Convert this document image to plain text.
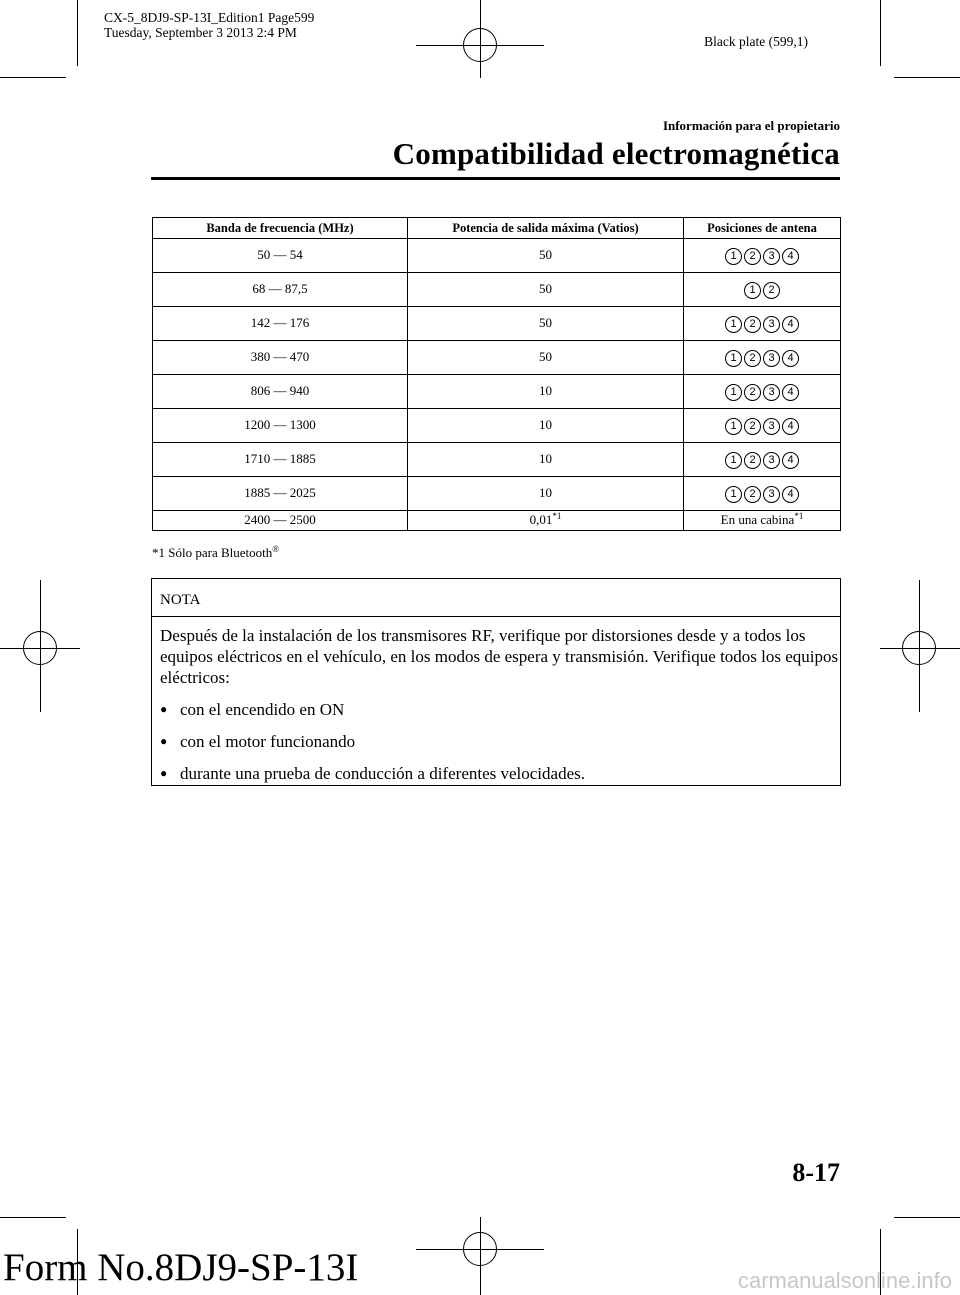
CX-5_8DJ9-SP-13I_Edition1 Page599
Tuesday, September 3 2013 2:4 PM
Black plate (599,1)
Información para el propietario
Compatibilidad electromagnética
Banda de frecuencia (MHz)	Potencia de salida máxima (Vatios)	Posiciones de antena
50 ― 54	50	1 2 3 4

68 ― 87,5	50	1 2

142 ― 176	50	1 2 3 4

380 ― 470	50	1 2 3 4

806 ― 940	10	1 2 3 4

1200 ― 1300	10	1 2 3 4

1710 ― 1885	10	1 2 3 4

1885 ― 2025	10	1 2 3 4

2400 ― 2500	0,01$^{*1}$	En una cabina$^{*1}$
*1 Sólo para Bluetooth®
NOTA

Después de la instalación de los transmisores RF, verifique por distorsiones desde y a todos los equipos eléctricos en el vehículo, en los modos de espera y transmisión. Verifique todos los equipos eléctricos:

● con el encendido en ON
● con el motor funcionando
● durante una prueba de conducción a diferentes velocidades.
8-17
Form No.8DJ9-SP-13I	carmanualsonline.info
